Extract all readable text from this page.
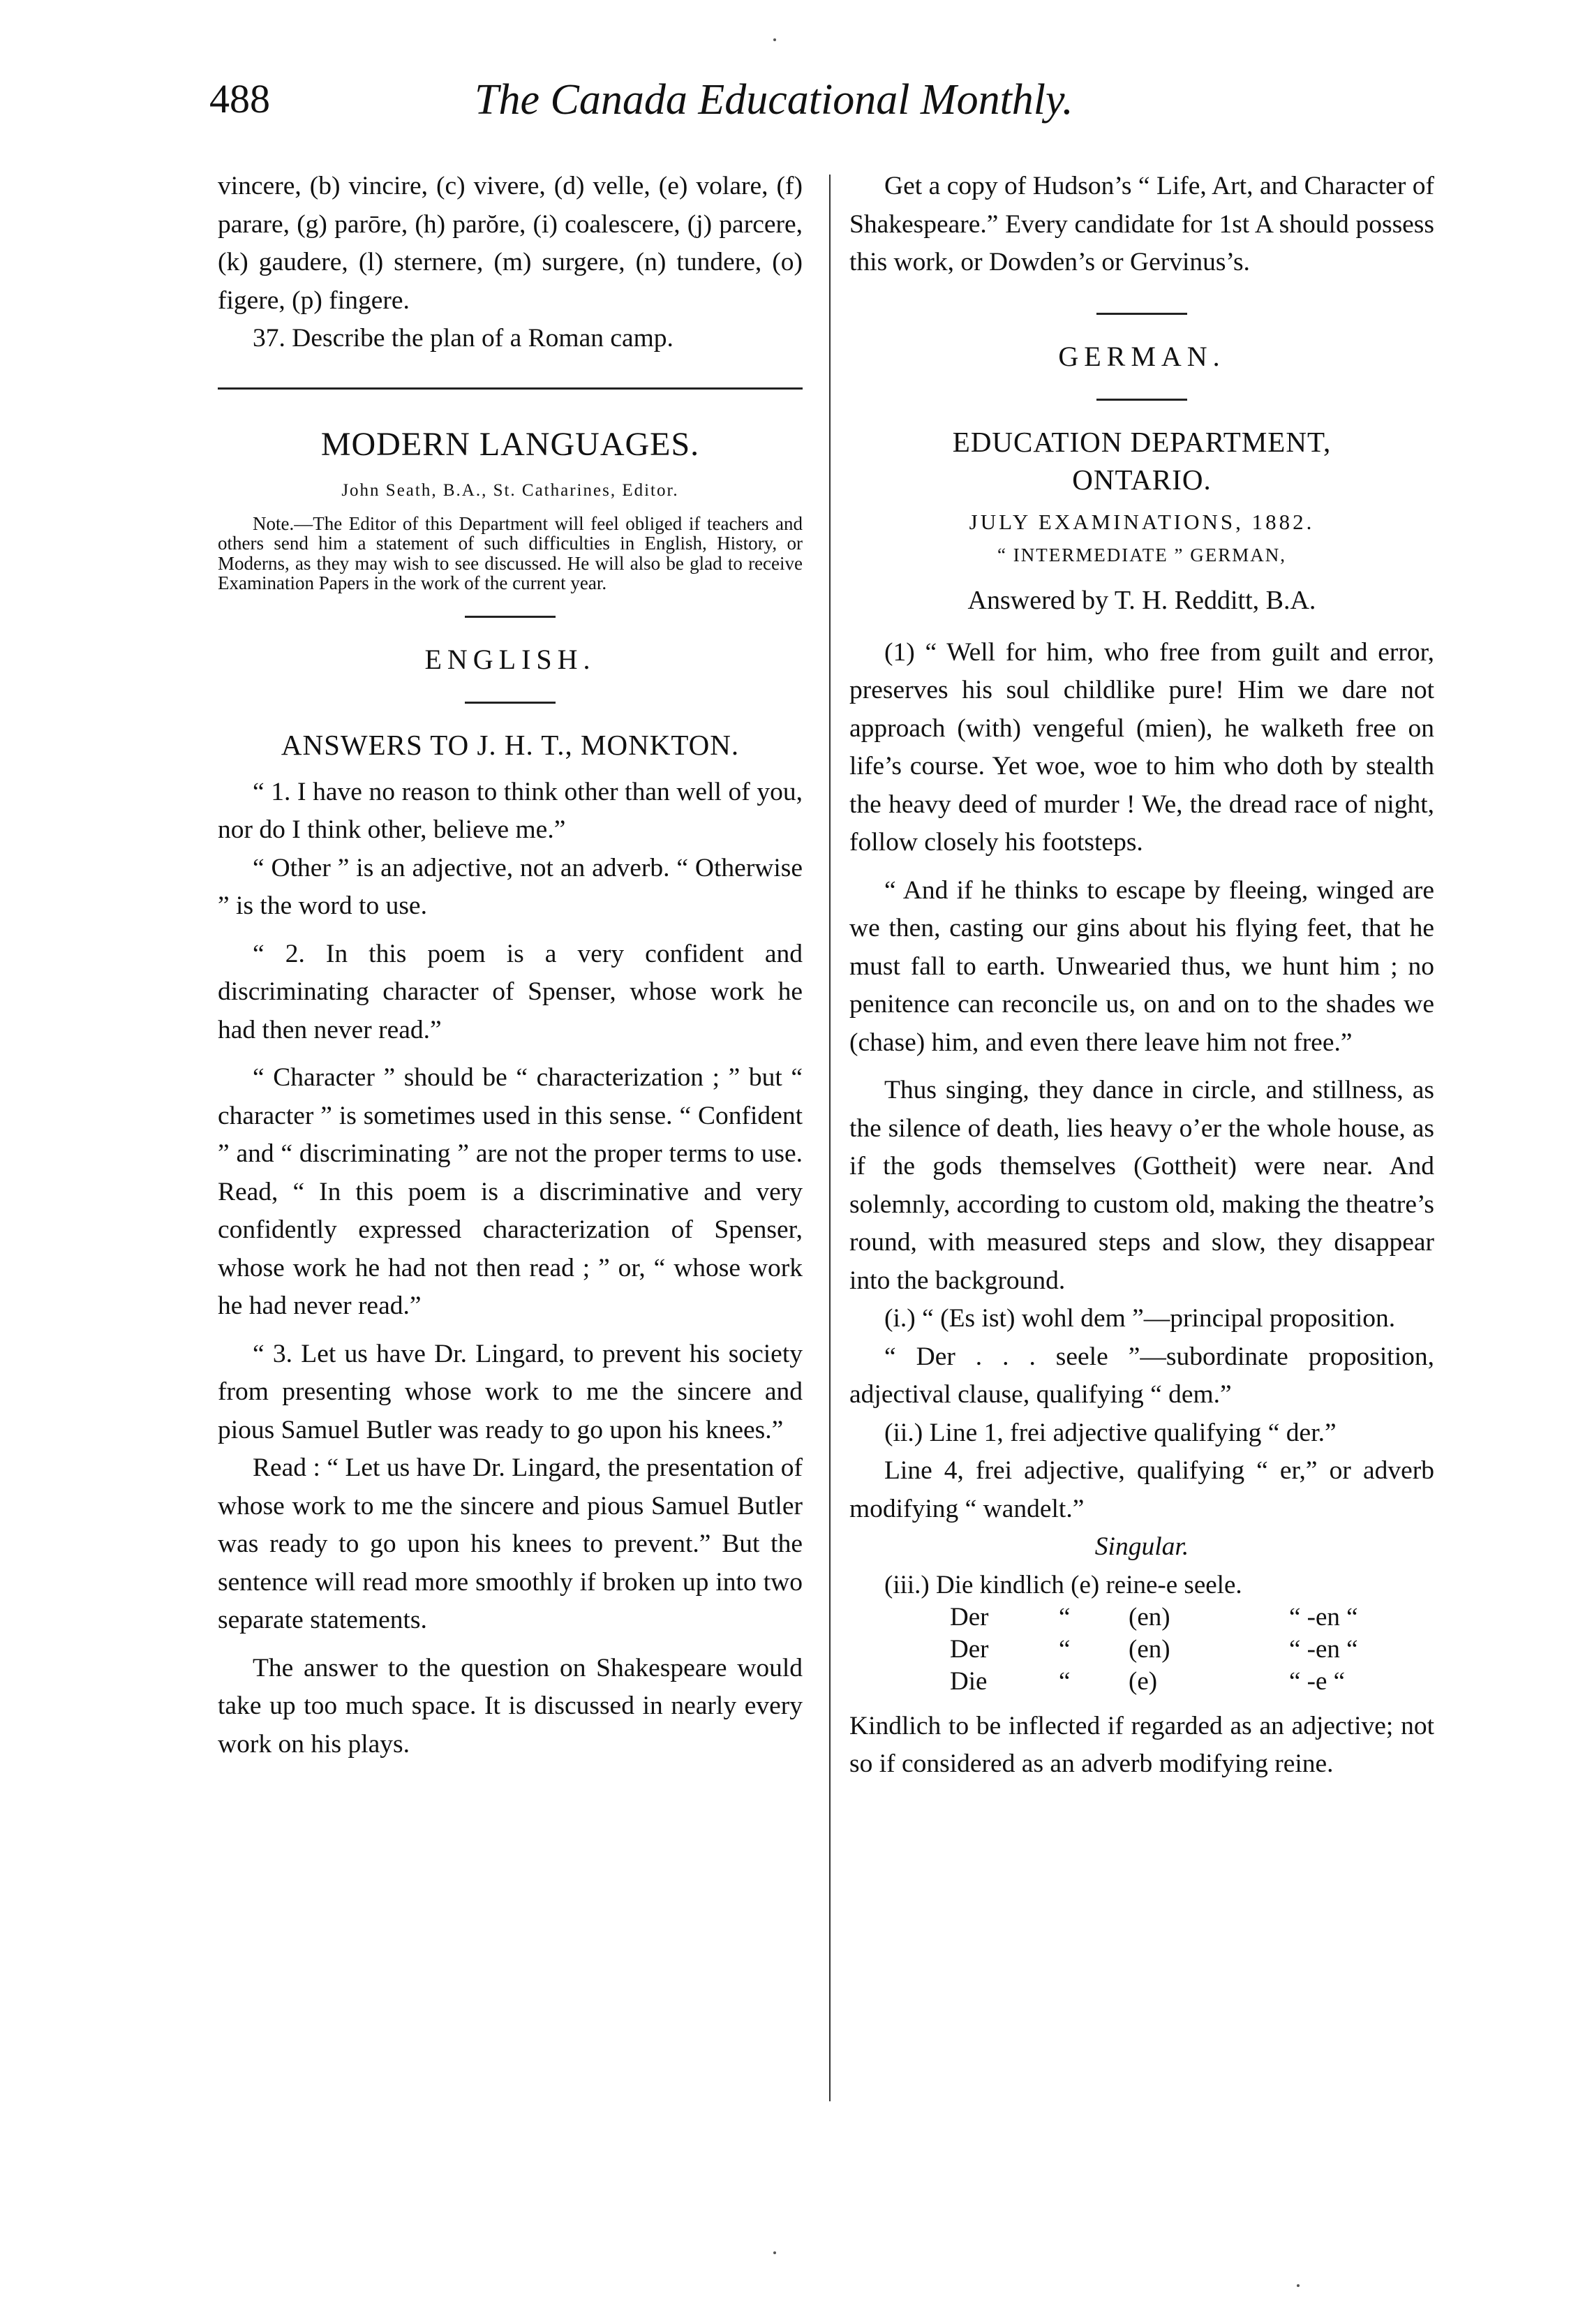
488	The Canada Educational Monthly.

vincere, (b) vincire, (c) vivere, (d) velle, (e) volare, (f) parare, (g) parōre, (h) parŏre, (i) coalescere, (j) parcere, (k) gaudere, (l) sternere, (m) surgere, (n) tundere, (o) figere, (p) fingere.

37. Describe the plan of a Roman camp.

MODERN LANGUAGES.
John Seath, B.A., St. Catharines, Editor.

Note.—The Editor of this Department will feel obliged if teachers and others send him a statement of such difficulties in English, History, or Moderns, as they may wish to see discussed. He will also be glad to receive Examination Papers in the work of the current year.

ENGLISH.
ANSWERS TO J. H. T., MONKTON.

“ 1. I have no reason to think other than well of you, nor do I think other, believe me.”

“ Other ” is an adjective, not an adverb. “ Otherwise ” is the word to use.

“ 2. In this poem is a very confident and discriminating character of Spenser, whose work he had then never read.”

“ Character ” should be “ characterization ; ” but “ character ” is sometimes used in this sense. “ Confident ” and “ discriminating ” are not the proper terms to use. Read, “ In this poem is a discriminative and very confidently expressed characterization of Spenser, whose work he had not then read ; ” or, “ whose work he had never read.”

“ 3. Let us have Dr. Lingard, to prevent his society from presenting whose work to me the sincere and pious Samuel Butler was ready to go upon his knees.”

Read : “ Let us have Dr. Lingard, the presentation of whose work to me the sincere and pious Samuel Butler was ready to go upon his knees to prevent.” But the sentence will read more smoothly if broken up into two separate statements.

The answer to the question on Shakespeare would take up too much space. It is discussed in nearly every work on his plays.

Get a copy of Hudson’s “ Life, Art, and Character of Shakespeare.” Every candidate for 1st A should possess this work, or Dowden’s or Gervinus’s.

GERMAN.
EDUCATION DEPARTMENT,
ONTARIO.
JULY EXAMINATIONS, 1882.
“ INTERMEDIATE ” GERMAN,
Answered by T. H. Redditt, B.A.

(1) “ Well for him, who free from guilt and error, preserves his soul childlike pure! Him we dare not approach (with) vengeful (mien), he walketh free on life’s course. Yet woe, woe to him who doth by stealth the heavy deed of murder ! We, the dread race of night, follow closely his footsteps.

“ And if he thinks to escape by fleeing, winged are we then, casting our gins about his flying feet, that he must fall to earth. Unwearied thus, we hunt him ; no penitence can reconcile us, on and on to the shades we (chase) him, and even there leave him not free.”

Thus singing, they dance in circle, and stillness, as the silence of death, lies heavy o’er the whole house, as if the gods themselves (Gottheit) were near. And solemnly, according to custom old, making the theatre’s round, with measured steps and slow, they disappear into the background.

(i.) “ (Es ist) wohl dem ”—principal proposition.

“ Der . . . seele ”—subordinate proposition, adjectival clause, qualifying “ dem.”

(ii.) Line 1, frei adjective qualifying “ der.”

Line 4, frei adjective, qualifying “ er,” or adverb modifying “ wandelt.”

Singular.

(iii.) Die kindlich (e) reine-e seele.
Der	“	(en)	“ -en “
Der	“	(en)	“ -en “
Die	“	(e)	“ -e “

Kindlich to be inflected if regarded as an adjective; not so if considered as an adverb modifying reine.
